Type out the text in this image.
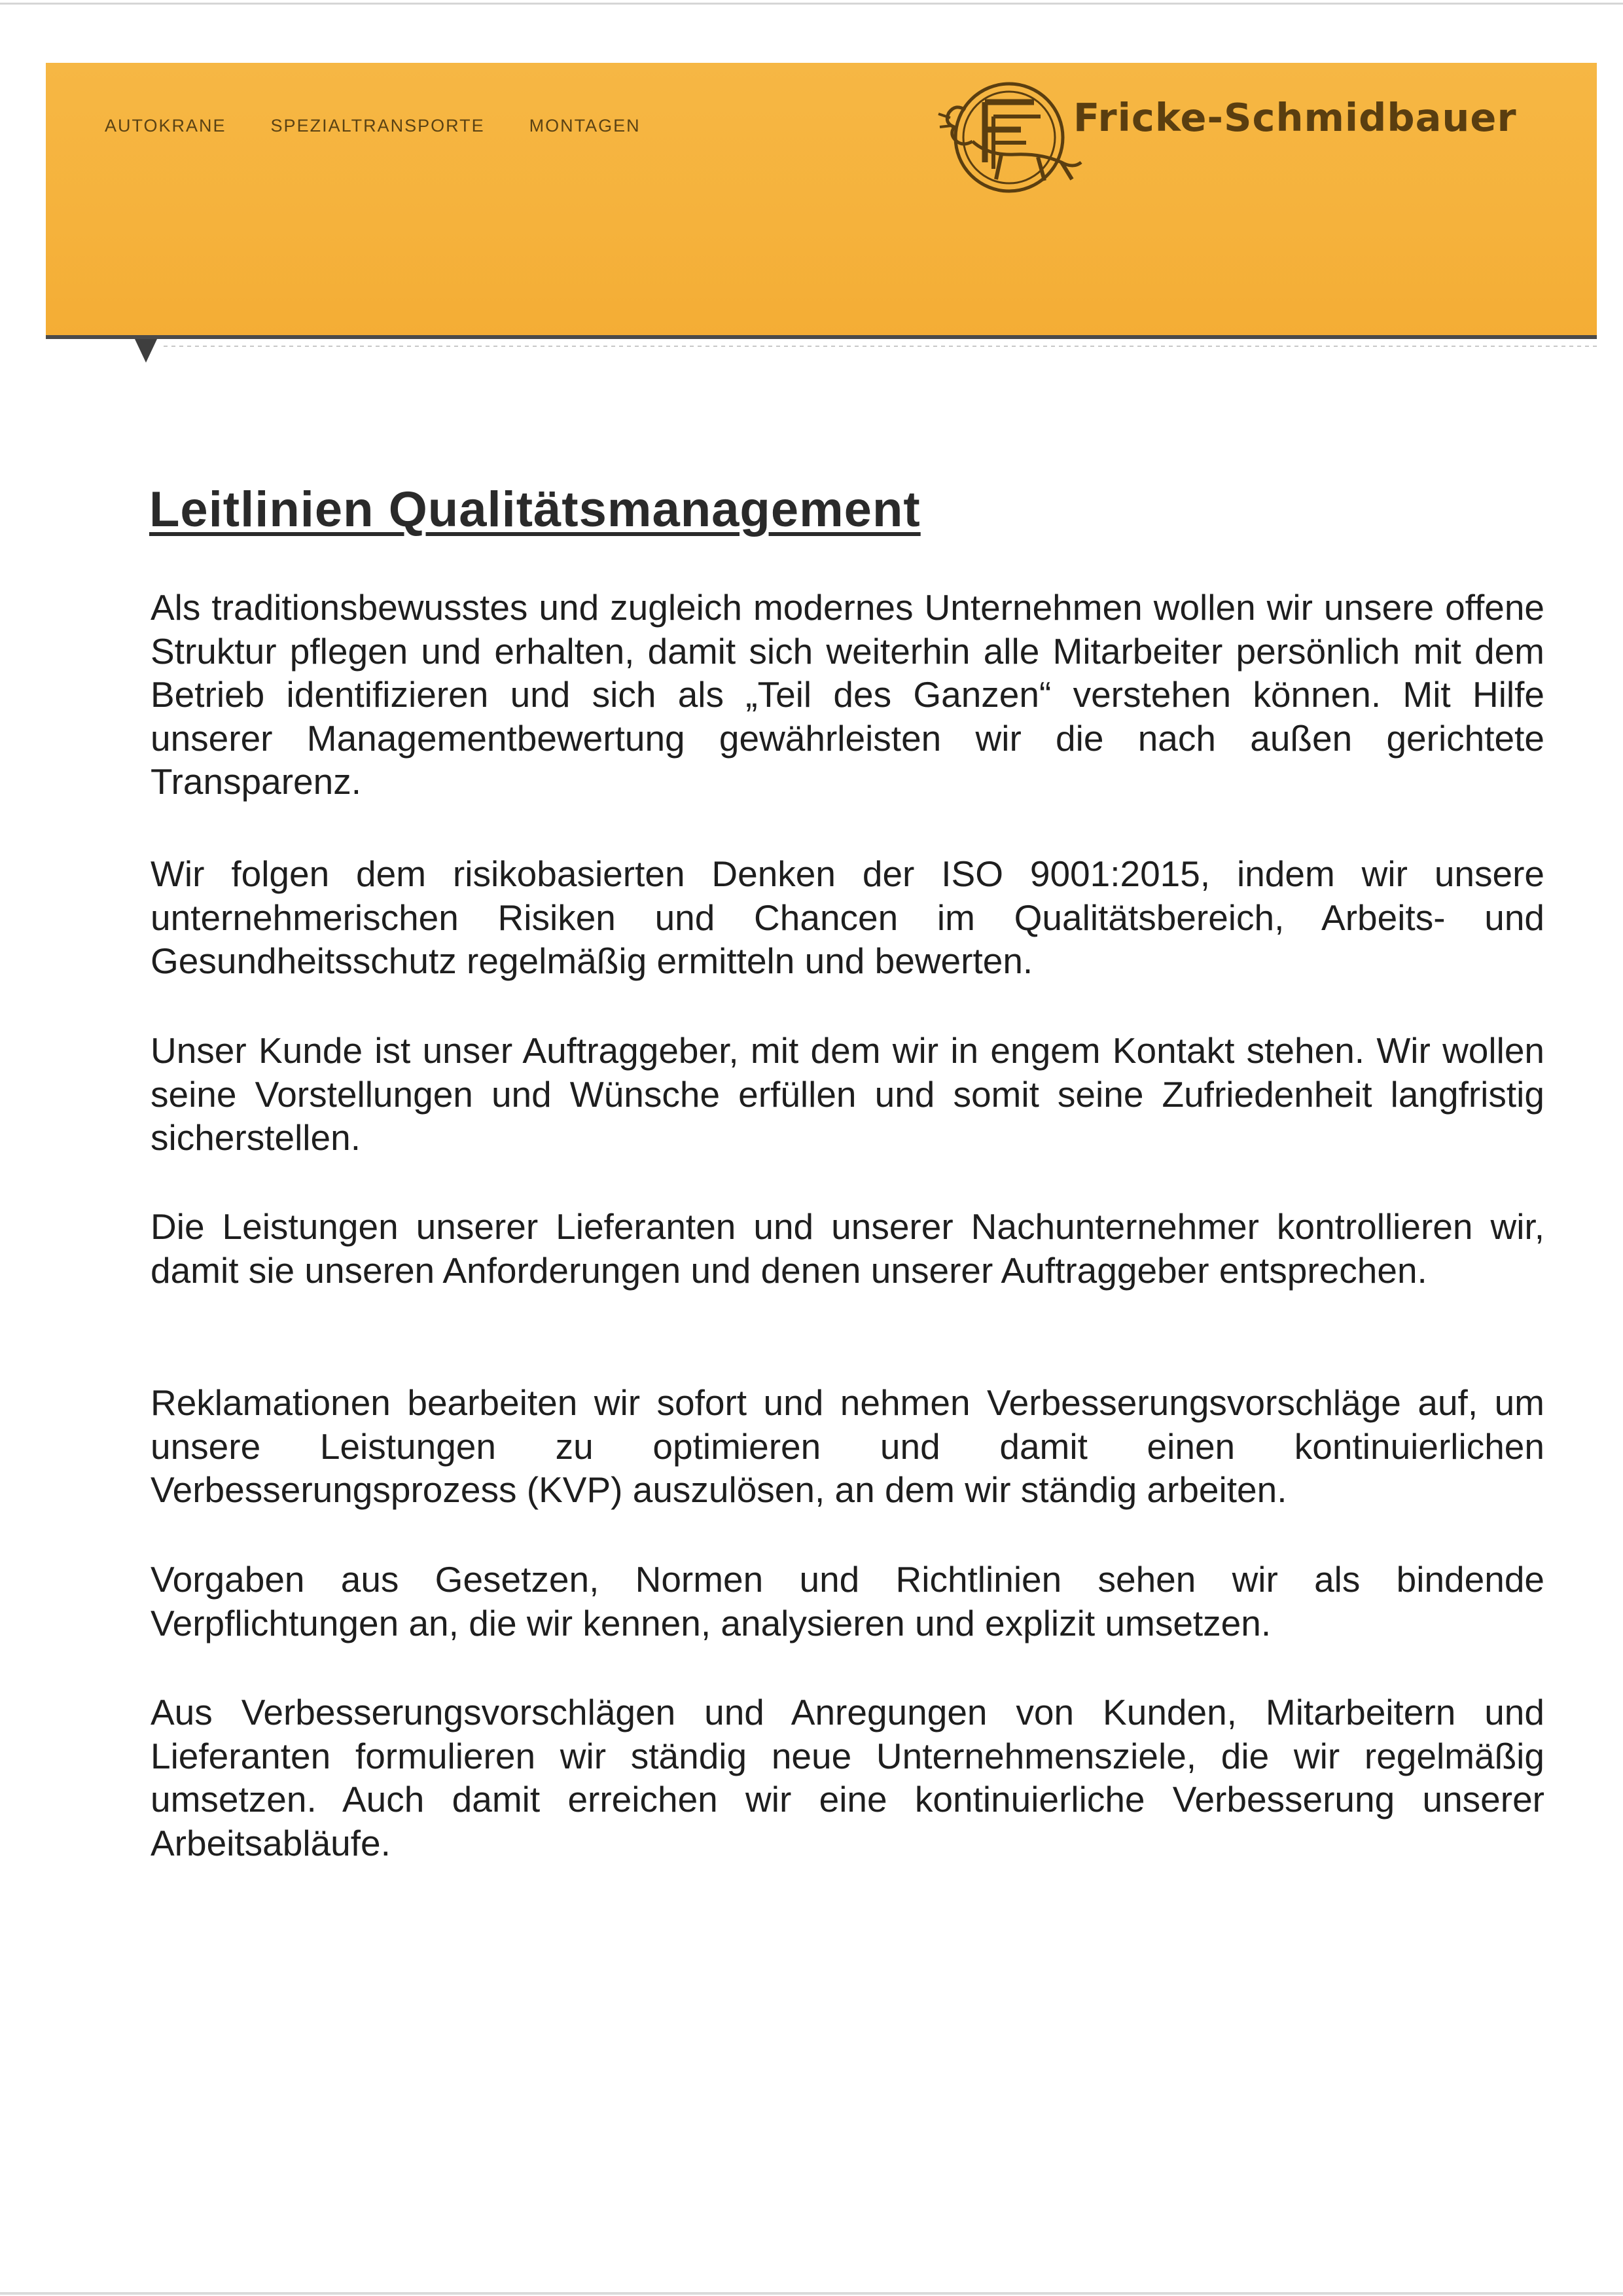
AUTOKRANE	SPEZIALTRANSPORTE	MONTAGEN	Fricke-Schmidbauer
Leitlinien Qualitätsmanagement

Als traditionsbewusstes und zugleich modernes Unternehmen wollen wir unsere offene Struktur pflegen und erhalten, damit sich weiterhin alle Mitarbeiter persönlich mit dem Betrieb identifizieren und sich als „Teil des Ganzen“ verstehen können. Mit Hilfe unserer Managementbewertung gewährleisten wir die nach außen gerichtete Transparenz.

Wir folgen dem risikobasierten Denken der ISO 9001:2015, indem wir unsere unternehmerischen Risiken und Chancen im Qualitätsbereich, Arbeits- und Gesundheitsschutz regelmäßig ermitteln und bewerten.

Unser Kunde ist unser Auftraggeber, mit dem wir in engem Kontakt stehen. Wir wollen seine Vorstellungen und Wünsche erfüllen und somit seine Zufriedenheit langfristig sicherstellen.

Die Leistungen unserer Lieferanten und unserer Nachunternehmer kontrollieren wir, damit sie unseren Anforderungen und denen unserer Auftraggeber entsprechen.

Reklamationen bearbeiten wir sofort und nehmen Verbesserungsvorschläge auf, um unsere Leistungen zu optimieren und damit einen kontinuierlichen Verbesserungsprozess (KVP) auszulösen, an dem wir ständig arbeiten.

Vorgaben aus Gesetzen, Normen und Richtlinien sehen wir als bindende Verpflichtungen an, die wir kennen, analysieren und explizit umsetzen.

Aus Verbesserungsvorschlägen und Anregungen von Kunden, Mitarbeitern und Lieferanten formulieren wir ständig neue Unternehmensziele, die wir regelmäßig umsetzen. Auch damit erreichen wir eine kontinuierliche Verbesserung unserer Arbeitsabläufe.
